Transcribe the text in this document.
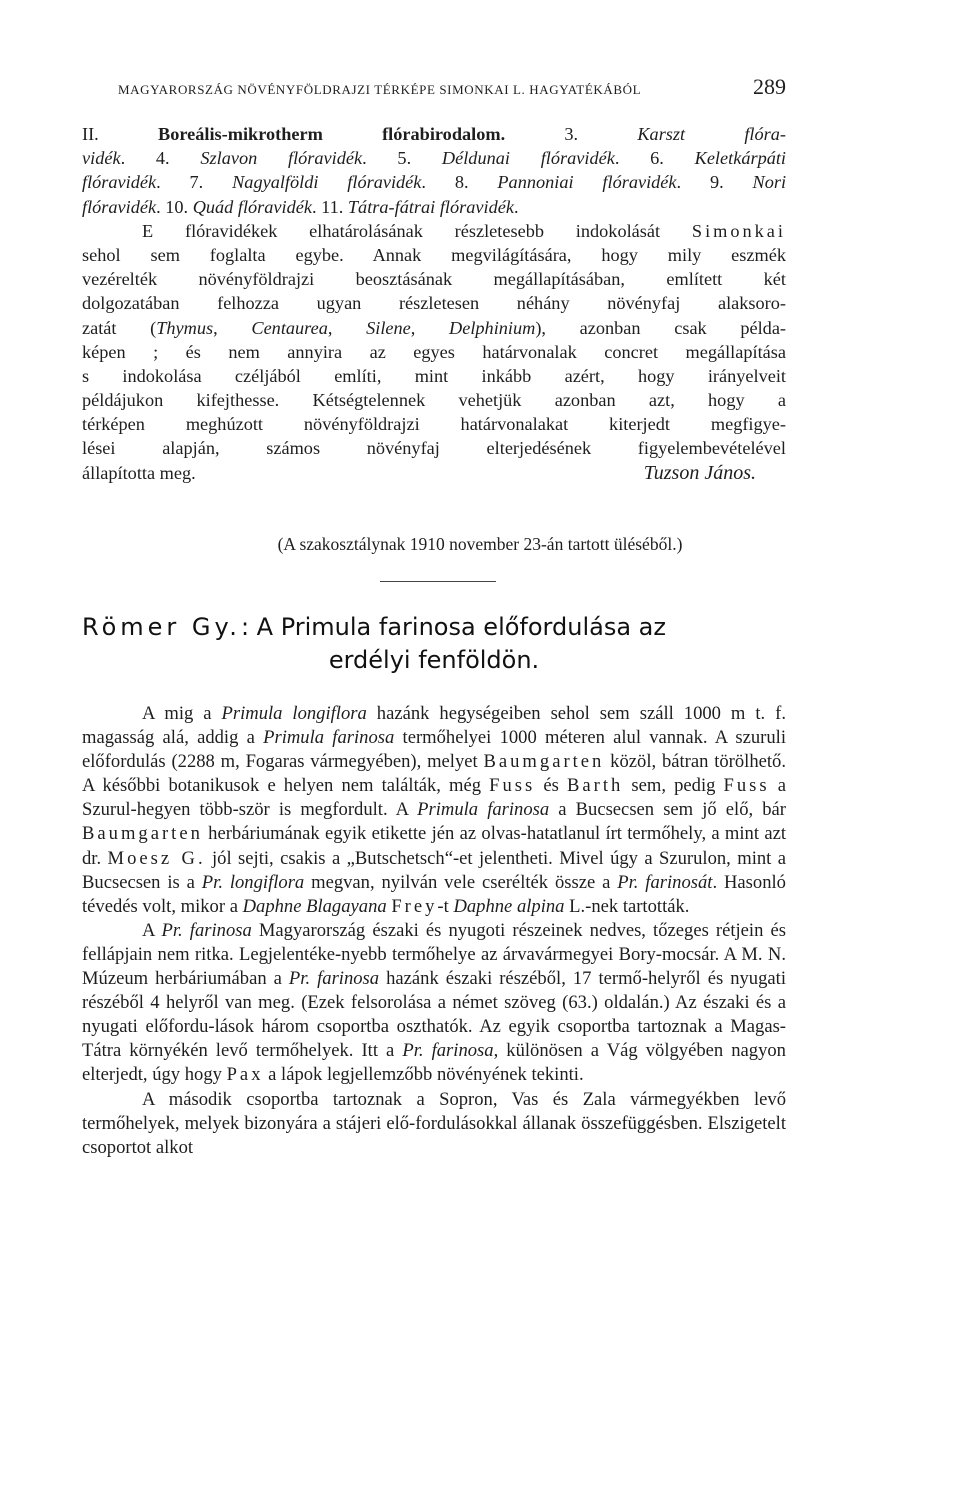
MAGYARORSZÁG NÖVÉNYFÖLDRAJZI TÉRKÉPE SIMONKAI L. HAGYATÉKÁBÓL	289
II. Boreális-mikrotherm flórabirodalom. 3. Karszt flóra-
vidék. 4. Szlavon flóravidék. 5. Déldunai flóravidék. 6. Keletkárpáti
flóravidék. 7. Nagyalföldi flóravidék. 8. Pannoniai flóravidék. 9. Nori
flóravidék. 10. Quád flóravidék. 11. Tátra-fátrai flóravidék.
E flóravidékek elhatárolásának részletesebb indokolását Simonkai
sehol sem foglalta egybe. Annak megvilágítására, hogy mily eszmék
vezérelték növényföldrajzi beosztásának megállapításában, említett két
dolgozatában felhozza ugyan részletesen néhány növényfaj alaksoro-
zatát (Thymus, Centaurea, Silene, Delphinium), azonban csak példa-
képen ; és nem annyira az egyes határvonalak concret megállapítása
s indokolása czéljából említi, mint inkább azért, hogy irányelveit
példájukon kifejthesse. Kétségtelennek vehetjük azonban azt, hogy a
térképen meghúzott növényföldrajzi határvonalakat kiterjedt megfigye-
lései alapján, számos növényfaj elterjedésének figyelembevételével
állapította meg.	Tuzson János.
(A szakosztálynak 1910 november 23-án tartott üléséből.)
Römer Gy.: A Primula farinosa előfordulása az
erdélyi fenföldön.

A mig a Primula longiflora hazánk hegységeiben sehol sem száll 1000 m t. f. magasság alá, addig a Primula farinosa termőhelyei 1000 méteren alul vannak. A szuruli előfordulás (2288 m, Fogaras vármegyében), melyet Baumgarten közöl, bátran törölhető. A későbbi botanikusok e helyen nem találták, még Fuss és Barth sem, pedig Fuss a Szurul-hegyen több-ször is megfordult. A Primula farinosa a Bucsecsen sem jő elő, bár Baumgarten herbáriumának egyik etikette jén az olvas-hatatlanul írt termőhely, a mint azt dr. Moesz G. jól sejti, csakis a „Butschetsch“-et jelentheti. Mivel úgy a Szurulon, mint a Bucsecsen is a Pr. longiflora megvan, nyilván vele cserélték össze a Pr. farinosát. Hasonló tévedés volt, mikor a Daphne Blagayana Frey-t Daphne alpina L.-nek tartották.

A Pr. farinosa Magyarország északi és nyugoti részeinek nedves, tőzeges rétjein és fellápjain nem ritka. Legjelentéke-nyebb termőhelye az árvavármegyei Bory-mocsár. A M. N. Múzeum herbáriumában a Pr. farinosa hazánk északi részéből, 17 termő-helyről és nyugati részéből 4 helyről van meg. (Ezek felsorolása a német szöveg (63.) oldalán.) Az északi és a nyugati előfordu-lások három csoportba oszthatók. Az egyik csoportba tartoznak a Magas-Tátra környékén levő termőhelyek. Itt a Pr. farinosa, különösen a Vág völgyében nagyon elterjedt, úgy hogy Pax a lápok legjellemzőbb növényének tekinti.

A második csoportba tartoznak a Sopron, Vas és Zala vármegyékben levő termőhelyek, melyek bizonyára a stájeri elő-fordulásokkal állanak összefüggésben. Elszigetelt csoportot alkot
